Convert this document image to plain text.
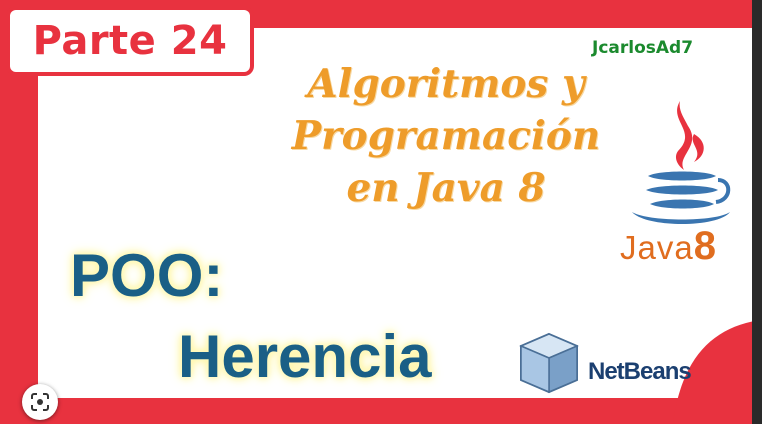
Parte 24	JcarlosAd7
Algoritmos y
Programación
en Java 8
Java8
POO:
Herencia	NetBeans
